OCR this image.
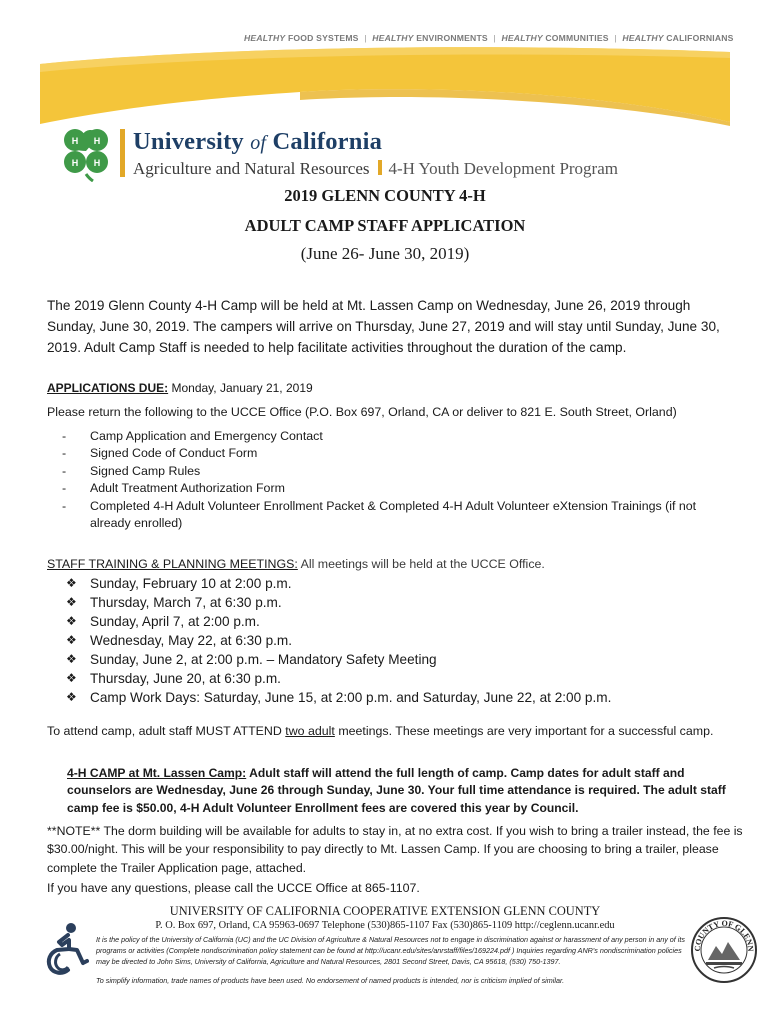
HEALTHY FOOD SYSTEMS | HEALTHY ENVIRONMENTS | HEALTHY COMMUNITIES | HEALTHY CALIFORNIANS
H H
H H
University of California
Agriculture and Natural Resources 4-H Youth Development Program
2019 GLENN COUNTY 4-H
ADULT CAMP STAFF APPLICATION
(June 26- June 30, 2019)
The 2019 Glenn County 4-H Camp will be held at Mt. Lassen Camp on Wednesday, June 26, 2019 through Sunday, June 30, 2019. The campers will arrive on Thursday, June 27, 2019 and will stay until Sunday, June 30, 2019. Adult Camp Staff is needed to help facilitate activities throughout the duration of the camp.
APPLICATIONS DUE: Monday, January 21, 2019
Please return the following to the UCCE Office (P.O. Box 697, Orland, CA or deliver to 821 E. South Street, Orland)
- Camp Application and Emergency Contact
- Signed Code of Conduct Form
- Signed Camp Rules
- Adult Treatment Authorization Form
- Completed 4-H Adult Volunteer Enrollment Packet & Completed 4-H Adult Volunteer eXtension Trainings (if not already enrolled)
STAFF TRAINING & PLANNING MEETINGS: All meetings will be held at the UCCE Office.
❖ Sunday, February 10 at 2:00 p.m.
❖ Thursday, March 7, at 6:30 p.m.
❖ Sunday, April 7, at 2:00 p.m.
❖ Wednesday, May 22, at 6:30 p.m.
❖ Sunday, June 2, at 2:00 p.m. – Mandatory Safety Meeting
❖ Thursday, June 20, at 6:30 p.m.
❖ Camp Work Days: Saturday, June 15, at 2:00 p.m. and Saturday, June 22, at 2:00 p.m.
To attend camp, adult staff MUST ATTEND two adult meetings. These meetings are very important for a successful camp.
4-H CAMP at Mt. Lassen Camp: Adult staff will attend the full length of camp. Camp dates for adult staff and counselors are Wednesday, June 26 through Sunday, June 30. Your full time attendance is required. The adult staff camp fee is $50.00, 4-H Adult Volunteer Enrollment fees are covered this year by Council.
**NOTE** The dorm building will be available for adults to stay in, at no extra cost. If you wish to bring a trailer instead, the fee is $30.00/night. This will be your responsibility to pay directly to Mt. Lassen Camp. If you are choosing to bring a trailer, please complete the Trailer Application page, attached.
If you have any questions, please call the UCCE Office at 865-1107.
UNIVERSITY OF CALIFORNIA COOPERATIVE EXTENSION GLENN COUNTY
P. O. Box 697, Orland, CA 95963-0697 Telephone (530)865-1107 Fax (530)865-1109 http://ceglenn.ucanr.edu
It is the policy of the University of California (UC) and the UC Division of Agriculture & Natural Resources not to engage in discrimination against or harassment of any person in any of its programs or activities (Complete nondiscrimination policy statement can be found at http://ucanr.edu/sites/anrstaff/files/169224.pdf ) Inquiries regarding ANR's nondiscrimination policies may be directed to John Sims, University of California, Agriculture and Natural Resources, 2801 Second Street, Davis, CA 95618, (530) 750-1397.
To simplify information, trade names of products have been used. No endorsement of named products is intended, nor is criticism implied of similar.
COUNTY OF GLENN
